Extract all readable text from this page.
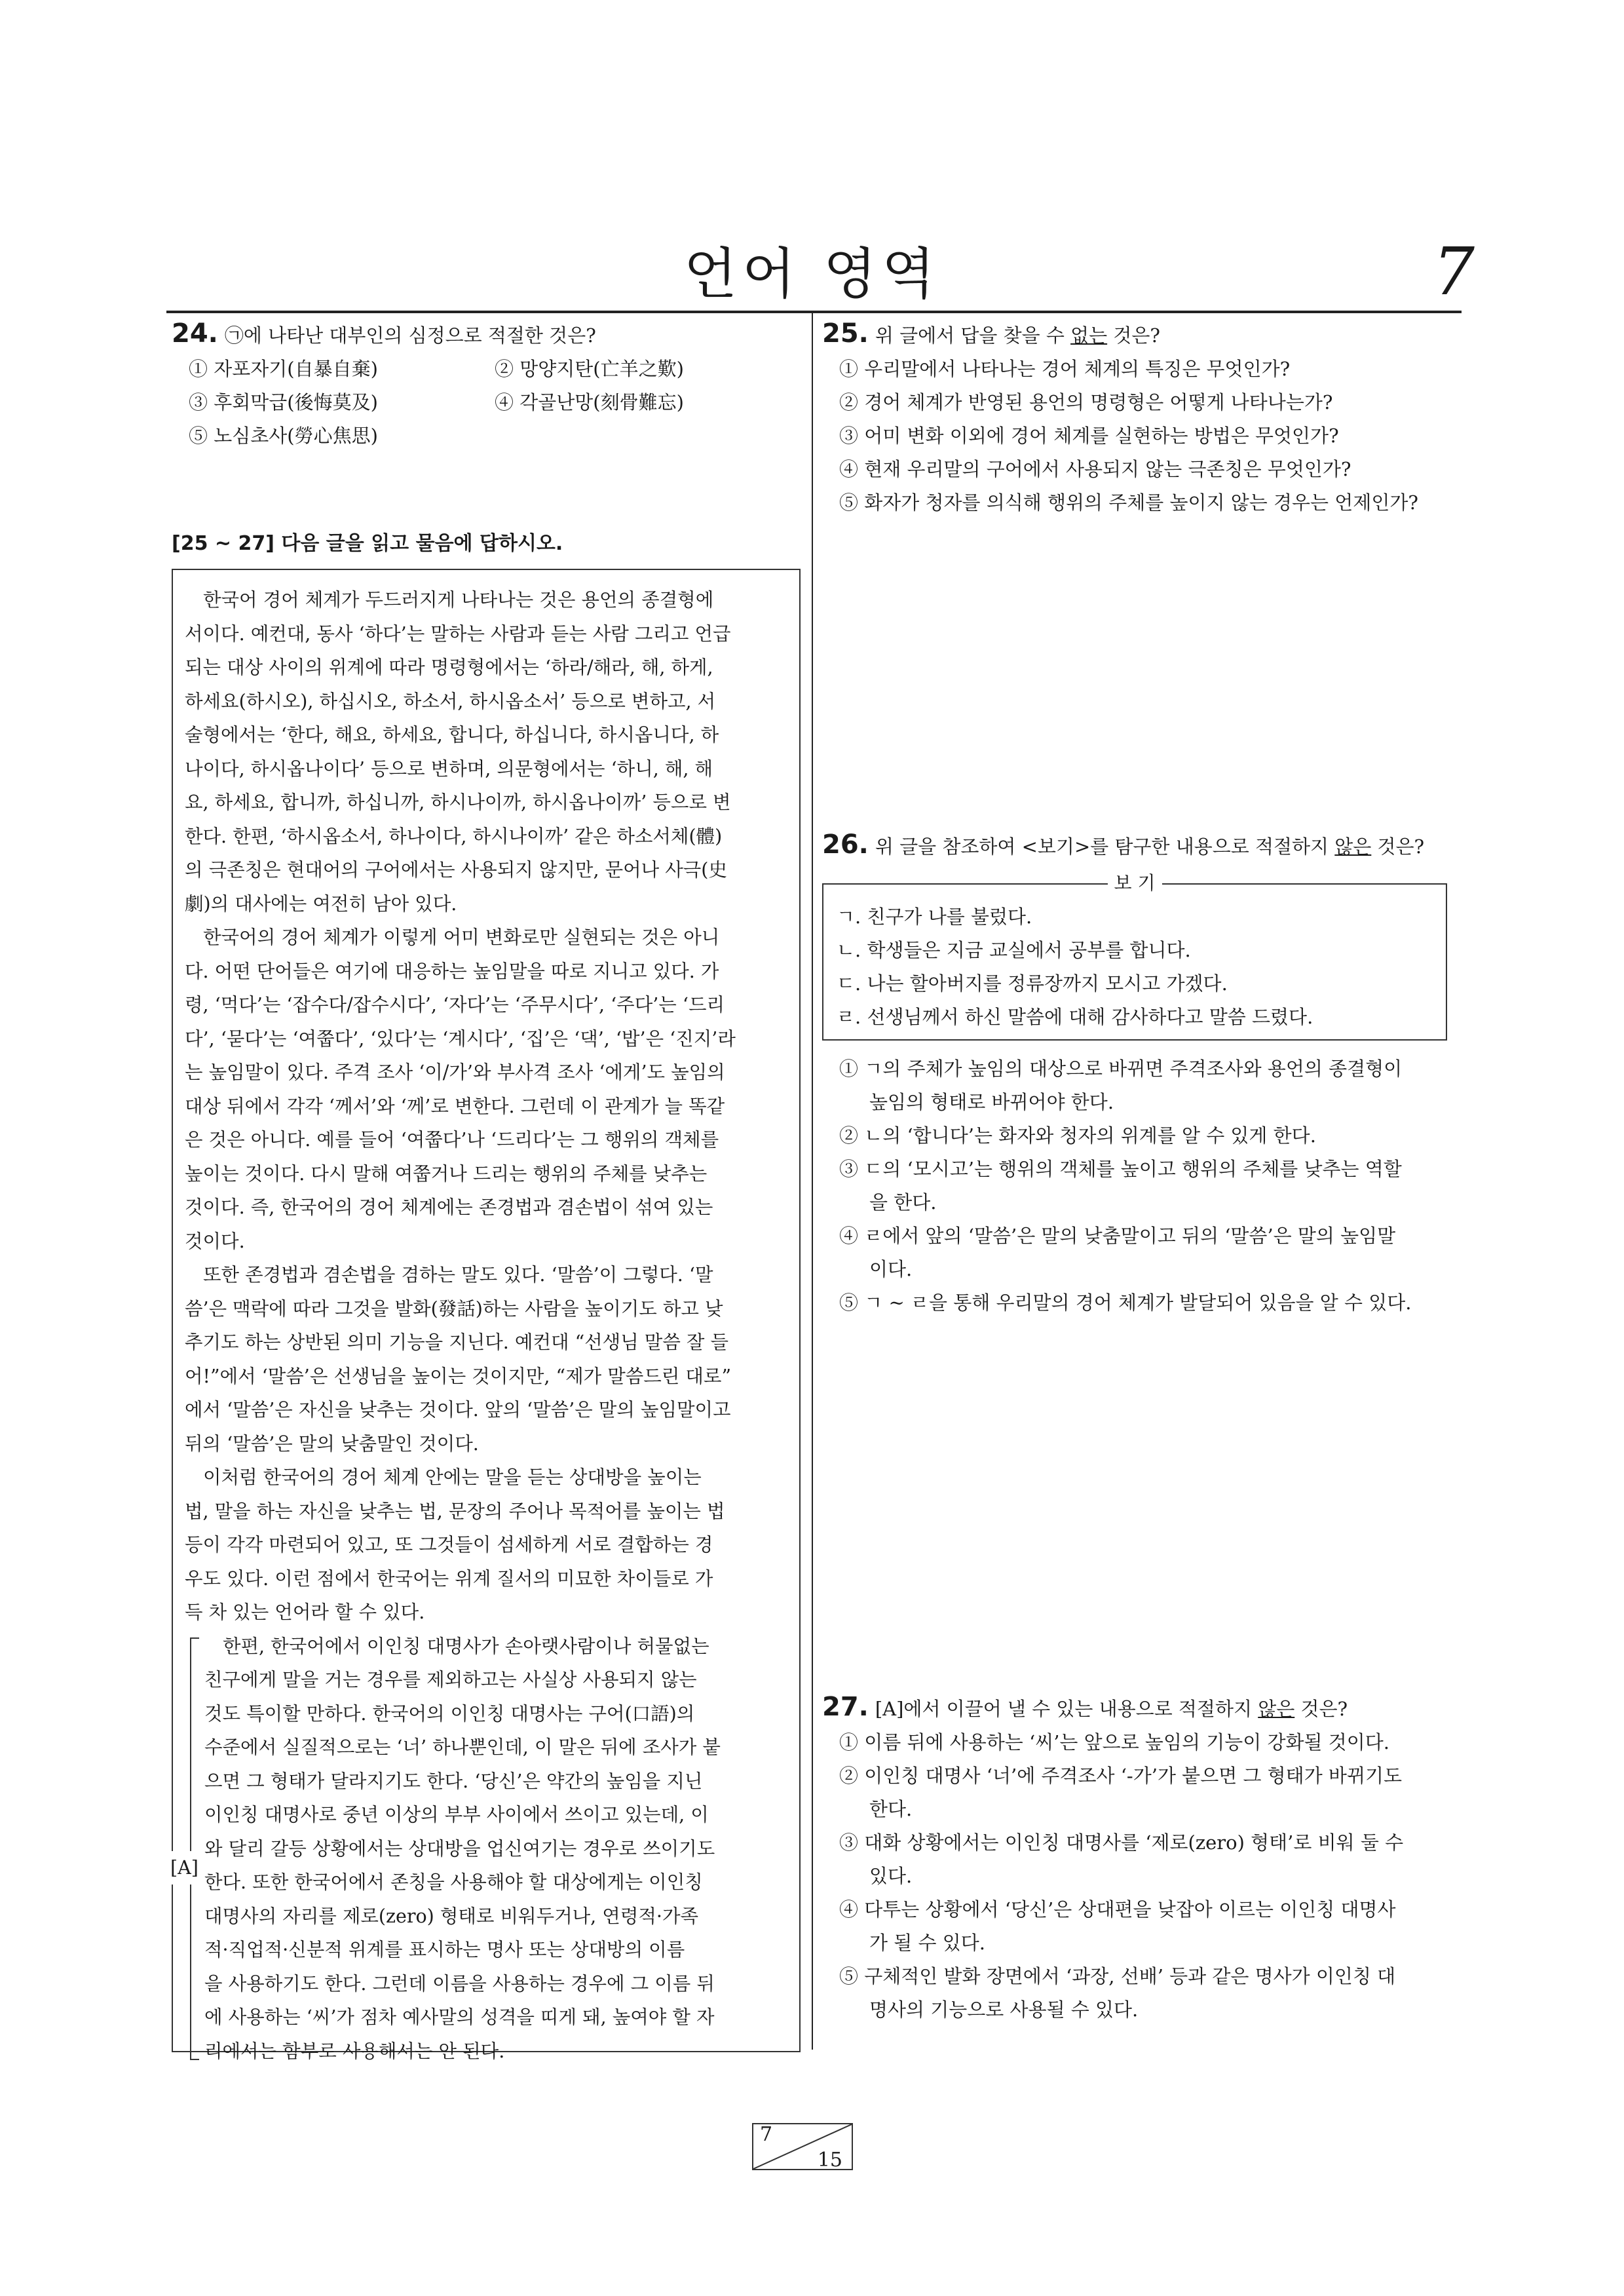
언어 영역	7
24. ㉠에 나타난 대부인의 심정으로 적절한 것은?
① 자포자기(自暴自棄)	② 망양지탄(亡羊之歎)
③ 후회막급(後悔莫及)	④ 각골난망(刻骨難忘)
⑤ 노심초사(勞心焦思)
[25 ~ 27] 다음 글을 읽고 물음에 답하시오.

한국어 경어 체계가 두드러지게 나타나는 것은 용언의 종결형에
서이다. 예컨대, 동사 ‘하다’는 말하는 사람과 듣는 사람 그리고 언급
되는 대상 사이의 위계에 따라 명령형에서는 ‘하라/해라, 해, 하게,
하세요(하시오), 하십시오, 하소서, 하시옵소서’ 등으로 변하고, 서
술형에서는 ‘한다, 해요, 하세요, 합니다, 하십니다, 하시옵니다, 하
나이다, 하시옵나이다’ 등으로 변하며, 의문형에서는 ‘하니, 해, 해
요, 하세요, 합니까, 하십니까, 하시나이까, 하시옵나이까’ 등으로 변
한다. 한편, ‘하시옵소서, 하나이다, 하시나이까’ 같은 하소서체(體)
의 극존칭은 현대어의 구어에서는 사용되지 않지만, 문어나 사극(史
劇)의 대사에는 여전히 남아 있다.

한국어의 경어 체계가 이렇게 어미 변화로만 실현되는 것은 아니
다. 어떤 단어들은 여기에 대응하는 높임말을 따로 지니고 있다. 가
령, ‘먹다’는 ‘잡수다/잡수시다’, ‘자다’는 ‘주무시다’, ‘주다’는 ‘드리
다’, ‘묻다’는 ‘여쭙다’, ‘있다’는 ‘계시다’, ‘집’은 ‘댁’, ‘밥’은 ‘진지’라
는 높임말이 있다. 주격 조사 ‘이/가’와 부사격 조사 ‘에게’도 높임의
대상 뒤에서 각각 ‘께서’와 ‘께’로 변한다. 그런데 이 관계가 늘 똑같
은 것은 아니다. 예를 들어 ‘여쭙다’나 ‘드리다’는 그 행위의 객체를
높이는 것이다. 다시 말해 여쭙거나 드리는 행위의 주체를 낮추는
것이다. 즉, 한국어의 경어 체계에는 존경법과 겸손법이 섞여 있는
것이다.

또한 존경법과 겸손법을 겸하는 말도 있다. ‘말씀’이 그렇다. ‘말
씀’은 맥락에 따라 그것을 발화(發話)하는 사람을 높이기도 하고 낮
추기도 하는 상반된 의미 기능을 지닌다. 예컨대 “선생님 말씀 잘 들
어!”에서 ‘말씀’은 선생님을 높이는 것이지만, “제가 말씀드린 대로”
에서 ‘말씀’은 자신을 낮추는 것이다. 앞의 ‘말씀’은 말의 높임말이고
뒤의 ‘말씀’은 말의 낮춤말인 것이다.

이처럼 한국어의 경어 체계 안에는 말을 듣는 상대방을 높이는
법, 말을 하는 자신을 낮추는 법, 문장의 주어나 목적어를 높이는 법
등이 각각 마련되어 있고, 또 그것들이 섬세하게 서로 결합하는 경
우도 있다. 이런 점에서 한국어는 위계 질서의 미묘한 차이들로 가
득 차 있는 언어라 할 수 있다.

[A]

한편, 한국어에서 이인칭 대명사가 손아랫사람이나 허물없는
친구에게 말을 거는 경우를 제외하고는 사실상 사용되지 않는
것도 특이할 만하다. 한국어의 이인칭 대명사는 구어(口語)의
수준에서 실질적으로는 ‘너’ 하나뿐인데, 이 말은 뒤에 조사가 붙
으면 그 형태가 달라지기도 한다. ‘당신’은 약간의 높임을 지닌
이인칭 대명사로 중년 이상의 부부 사이에서 쓰이고 있는데, 이
와 달리 갈등 상황에서는 상대방을 업신여기는 경우로 쓰이기도
한다. 또한 한국어에서 존칭을 사용해야 할 대상에게는 이인칭
대명사의 자리를 제로(zero) 형태로 비워두거나, 연령적·가족
적·직업적·신분적 위계를 표시하는 명사 또는 상대방의 이름
을 사용하기도 한다. 그런데 이름을 사용하는 경우에 그 이름 뒤
에 사용하는 ‘씨’가 점차 예사말의 성격을 띠게 돼, 높여야 할 자
리에서는 함부로 사용해서는 안 된다.

25. 위 글에서 답을 찾을 수 없는 것은?
① 우리말에서 나타나는 경어 체계의 특징은 무엇인가?
② 경어 체계가 반영된 용언의 명령형은 어떻게 나타나는가?
③ 어미 변화 이외에 경어 체계를 실현하는 방법은 무엇인가?
④ 현재 우리말의 구어에서 사용되지 않는 극존칭은 무엇인가?
⑤ 화자가 청자를 의식해 행위의 주체를 높이지 않는 경우는 언제인가?
26. 위 글을 참조하여 <보기>를 탐구한 내용으로 적절하지 않은 것은?
보 기
ㄱ. 친구가 나를 불렀다.
ㄴ. 학생들은 지금 교실에서 공부를 합니다.
ㄷ. 나는 할아버지를 정류장까지 모시고 가겠다.
ㄹ. 선생님께서 하신 말씀에 대해 감사하다고 말씀 드렸다.
① ㄱ의 주체가 높임의 대상으로 바뀌면 주격조사와 용언의 종결형이
높임의 형태로 바뀌어야 한다.
② ㄴ의 ‘합니다’는 화자와 청자의 위계를 알 수 있게 한다.
③ ㄷ의 ‘모시고’는 행위의 객체를 높이고 행위의 주체를 낮추는 역할
을 한다.
④ ㄹ에서 앞의 ‘말씀’은 말의 낮춤말이고 뒤의 ‘말씀’은 말의 높임말
이다.
⑤ ㄱ ~ ㄹ을 통해 우리말의 경어 체계가 발달되어 있음을 알 수 있다.
27. [A]에서 이끌어 낼 수 있는 내용으로 적절하지 않은 것은?
① 이름 뒤에 사용하는 ‘씨’는 앞으로 높임의 기능이 강화될 것이다.
② 이인칭 대명사 ‘너’에 주격조사 ‘-가’가 붙으면 그 형태가 바뀌기도
한다.
③ 대화 상황에서는 이인칭 대명사를 ‘제로(zero) 형태’로 비워 둘 수
있다.
④ 다투는 상황에서 ‘당신’은 상대편을 낮잡아 이르는 이인칭 대명사
가 될 수 있다.
⑤ 구체적인 발화 장면에서 ‘과장, 선배’ 등과 같은 명사가 이인칭 대
명사의 기능으로 사용될 수 있다.
7
15
